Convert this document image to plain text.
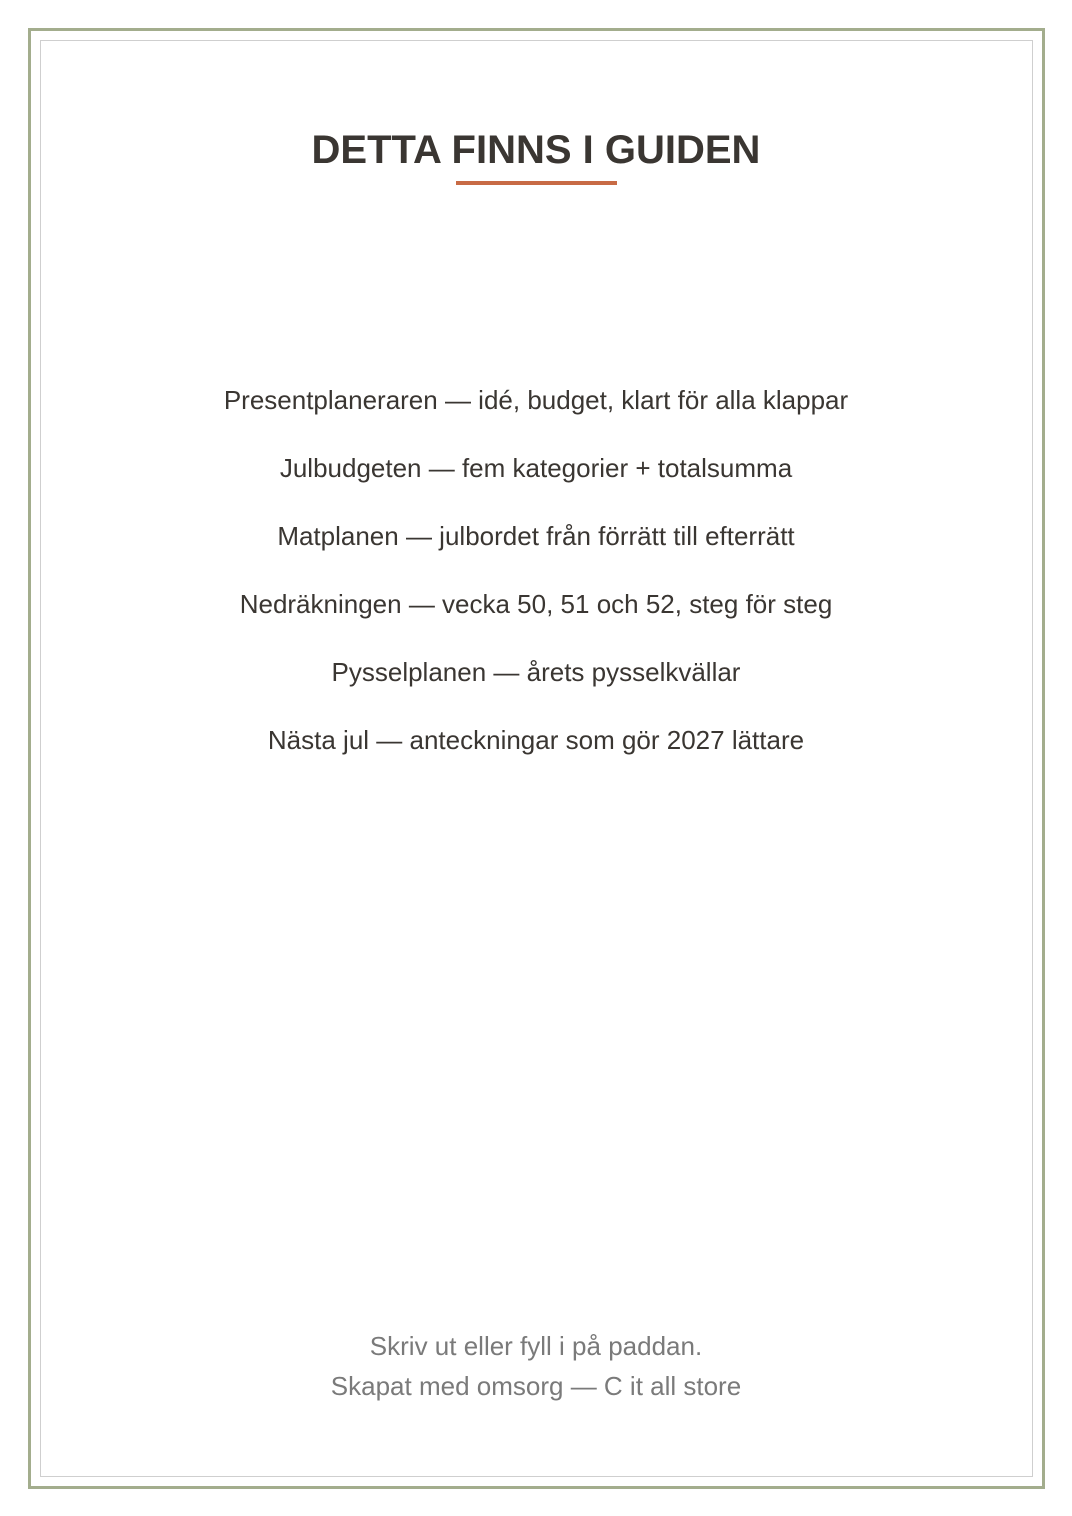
DETTA FINNS I GUIDEN
Presentplaneraren — idé, budget, klart för alla klappar
Julbudgeten — fem kategorier + totalsumma
Matplanen — julbordet från förrätt till efterrätt
Nedräkningen — vecka 50, 51 och 52, steg för steg
Pysselplanen — årets pysselkvällar
Nästa jul — anteckningar som gör 2027 lättare
Skriv ut eller fyll i på paddan.
Skapat med omsorg — C it all store
